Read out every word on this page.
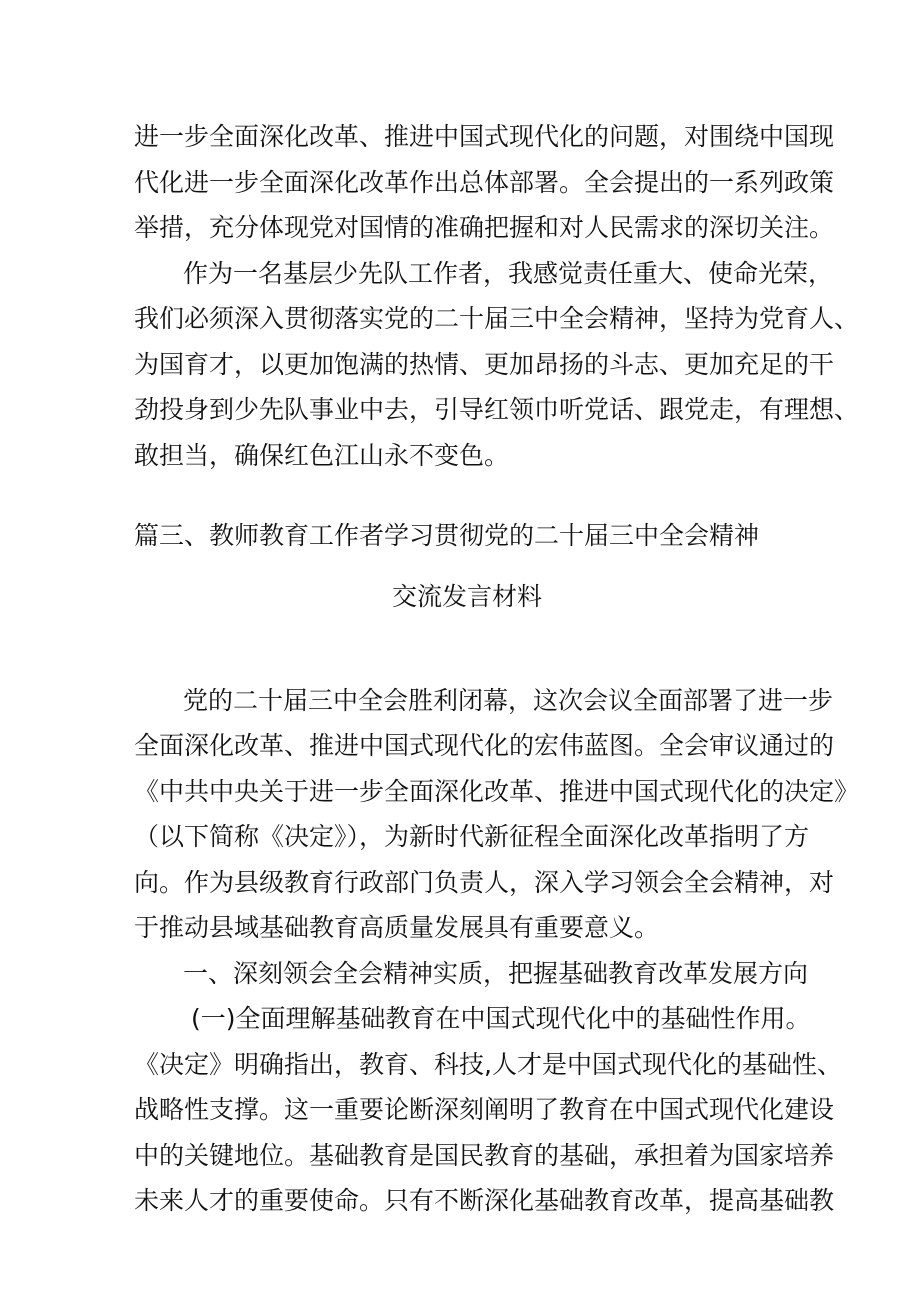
进一步全面深化改革、推进中国式现代化的问题，对围绕中国现
代化进一步全面深化改革作出总体部署。全会提出的一系列政策
举措，充分体现党对国情的准确把握和对人民需求的深切关注。
作为一名基层少先队工作者，我感觉责任重大、使命光荣，
我们必须深入贯彻落实党的二十届三中全会精神，坚持为党育人、
为国育才，以更加饱满的热情、更加昂扬的斗志、更加充足的干
劲投身到少先队事业中去，引导红领巾听党话、跟党走，有理想、
敢担当，确保红色江山永不变色。
篇三、教师教育工作者学习贯彻党的二十届三中全会精神
交流发言材料
党的二十届三中全会胜利闭幕，这次会议全面部署了进一步
全面深化改革、推进中国式现代化的宏伟蓝图。全会审议通过的
《中共中央关于进一步全面深化改革、推进中国式现代化的决定》
（以下简称《决定》），为新时代新征程全面深化改革指明了方
向。作为县级教育行政部门负责人，深入学习领会全会精神，对
于推动县域基础教育高质量发展具有重要意义。
一、深刻领会全会精神实质，把握基础教育改革发展方向
(一)全面理解基础教育在中国式现代化中的基础性作用。
《决定》明确指出，教育、科技,人才是中国式现代化的基础性、
战略性支撑。这一重要论断深刻阐明了教育在中国式现代化建设
中的关键地位。基础教育是国民教育的基础，承担着为国家培养
未来人才的重要使命。只有不断深化基础教育改革，提高基础教
